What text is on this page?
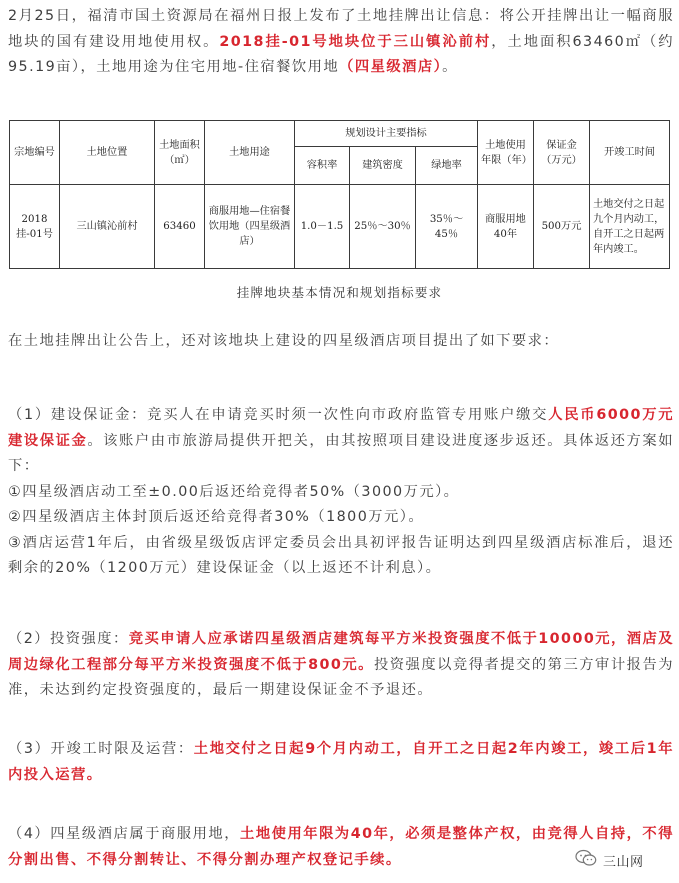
2月25日，福清市国土资源局在福州日报上发布了土地挂牌出让信息：将公开挂牌出让一幅商服地块的国有建设用地使用权。2018挂-01号地块位于三山镇沁前村，土地面积63460㎡（约95.19亩），土地用途为住宅用地-住宿餐饮用地（四星级酒店）。

宗地编号	土地位置	土地面积（㎡）	土地用途	规划设计主要指标			土地使用年限（年）	保证金（万元）	开竣工时间
				容积率	建筑密度	绿地率			
2018挂-01号	三山镇沁前村	63460	商服用地—住宿餐饮用地（四星级酒店）	1.0－1.5	25％～30％	35％～45％	商服用地40年	500万元	土地交付之日起九个月内动工，自开工之日起两年内竣工。
挂牌地块基本情况和规划指标要求

在土地挂牌出让公告上，还对该地块上建设的四星级酒店项目提出了如下要求：

（1）建设保证金：竞买人在申请竞买时须一次性向市政府监管专用账户缴交人民币6000万元建设保证金。该账户由市旅游局提供开把关，由其按照项目建设进度逐步返还。具体返还方案如下：
①四星级酒店动工至±0.00后返还给竞得者50%（3000万元）。
②四星级酒店主体封顶后返还给竞得者30%（1800万元）。
③酒店运营1年后，由省级星级饭店评定委员会出具初评报告证明达到四星级酒店标准后，退还剩余的20%（1200万元）建设保证金（以上返还不计利息）。

（2）投资强度：竞买申请人应承诺四星级酒店建筑每平方米投资强度不低于10000元，酒店及周边绿化工程部分每平方米投资强度不低于800元。投资强度以竞得者提交的第三方审计报告为准，未达到约定投资强度的，最后一期建设保证金不予退还。

（3）开竣工时限及运营：土地交付之日起9个月内动工，自开工之日起2年内竣工，竣工后1年内投入运营。

（4）四星级酒店属于商服用地，土地使用年限为40年，必须是整体产权，由竞得人自持，不得分割出售、不得分割转让、不得分割办理产权登记手续。	三山网
